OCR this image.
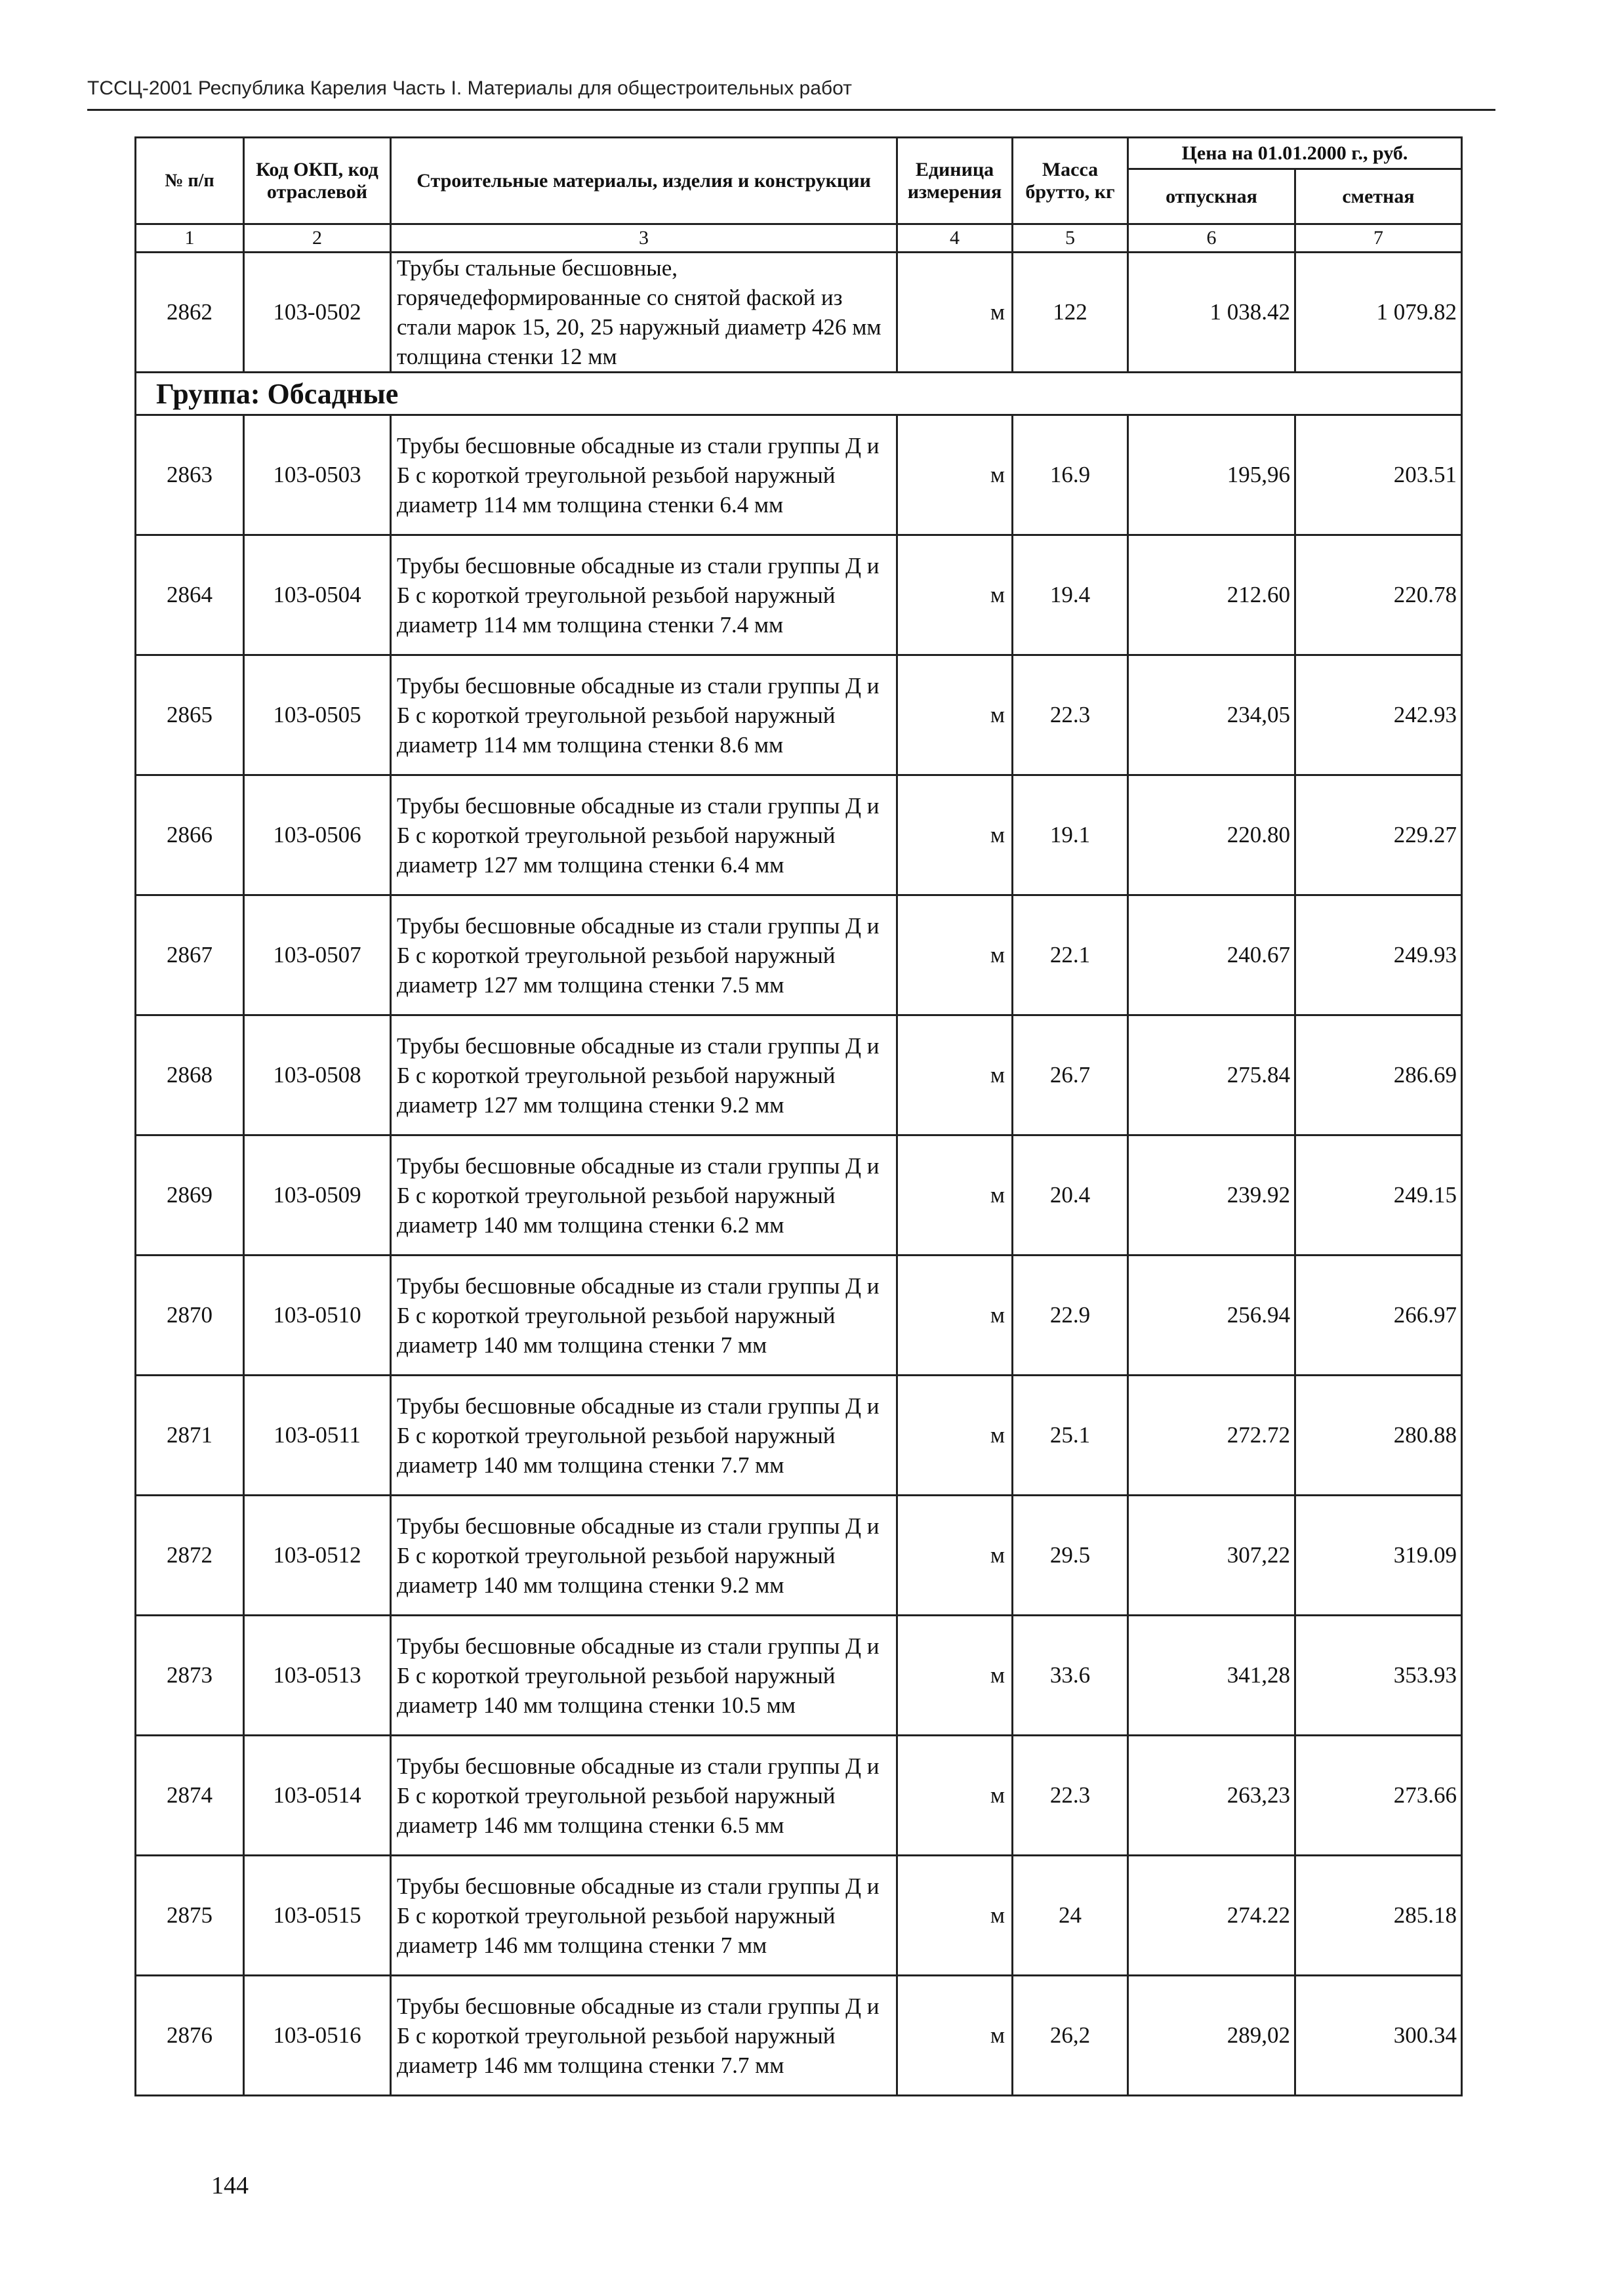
ТССЦ-2001 Республика Карелия Часть I. Материалы для общестроительных работ
№ п/п	Код ОКП, код отраслевой	Строительные материалы, изделия и конструкции	Единица измерения	Масса брутто, кг	Цена на 01.01.2000 г., руб.	
					отпускная	сметная
1	2	3	4	5	6	7
2862	103-0502	Трубы стальные бесшовные, горячедеформированные со снятой фаской из стали марок 15, 20, 25 наружный диаметр 426 мм толщина стенки 12 мм	м	122	1 038.42	1 079.82
Группа: Обсадные						
2863	103-0503	Трубы бесшовные обсадные из стали группы Д и Б с короткой треугольной резьбой наружный диаметр 114 мм толщина стенки 6.4 мм	м	16.9	195,96	203.51
2864	103-0504	Трубы бесшовные обсадные из стали группы Д и Б с короткой треугольной резьбой наружный диаметр 114 мм толщина стенки 7.4 мм	м	19.4	212.60	220.78
2865	103-0505	Трубы бесшовные обсадные из стали группы Д и Б с короткой треугольной резьбой наружный диаметр 114 мм толщина стенки 8.6 мм	м	22.3	234,05	242.93
2866	103-0506	Трубы бесшовные обсадные из стали группы Д и Б с короткой треугольной резьбой наружный диаметр 127 мм толщина стенки 6.4 мм	м	19.1	220.80	229.27
2867	103-0507	Трубы бесшовные обсадные из стали группы Д и Б с короткой треугольной резьбой наружный диаметр 127 мм толщина стенки 7.5 мм	м	22.1	240.67	249.93
2868	103-0508	Трубы бесшовные обсадные из стали группы Д и Б с короткой треугольной резьбой наружный диаметр 127 мм толщина стенки 9.2 мм	м	26.7	275.84	286.69
2869	103-0509	Трубы бесшовные обсадные из стали группы Д и Б с короткой треугольной резьбой наружный диаметр 140 мм толщина стенки 6.2 мм	м	20.4	239.92	249.15
2870	103-0510	Трубы бесшовные обсадные из стали группы Д и Б с короткой треугольной резьбой наружный диаметр 140 мм толщина стенки 7 мм	м	22.9	256.94	266.97
2871	103-0511	Трубы бесшовные обсадные из стали группы Д и Б с короткой треугольной резьбой наружный диаметр 140 мм толщина стенки 7.7 мм	м	25.1	272.72	280.88
2872	103-0512	Трубы бесшовные обсадные из стали группы Д и Б с короткой треугольной резьбой наружный диаметр 140 мм толщина стенки 9.2 мм	м	29.5	307,22	319.09
2873	103-0513	Трубы бесшовные обсадные из стали группы Д и Б с короткой треугольной резьбой наружный диаметр 140 мм толщина стенки 10.5 мм	м	33.6	341,28	353.93
2874	103-0514	Трубы бесшовные обсадные из стали группы Д и Б с короткой треугольной резьбой наружный диаметр 146 мм толщина стенки 6.5 мм	м	22.3	263,23	273.66
2875	103-0515	Трубы бесшовные обсадные из стали группы Д и Б с короткой треугольной резьбой наружный диаметр 146 мм толщина стенки 7 мм	м	24	274.22	285.18
2876	103-0516	Трубы бесшовные обсадные из стали группы Д и Б с короткой треугольной резьбой наружный диаметр 146 мм толщина стенки 7.7 мм	м	26,2	289,02	300.34
144
